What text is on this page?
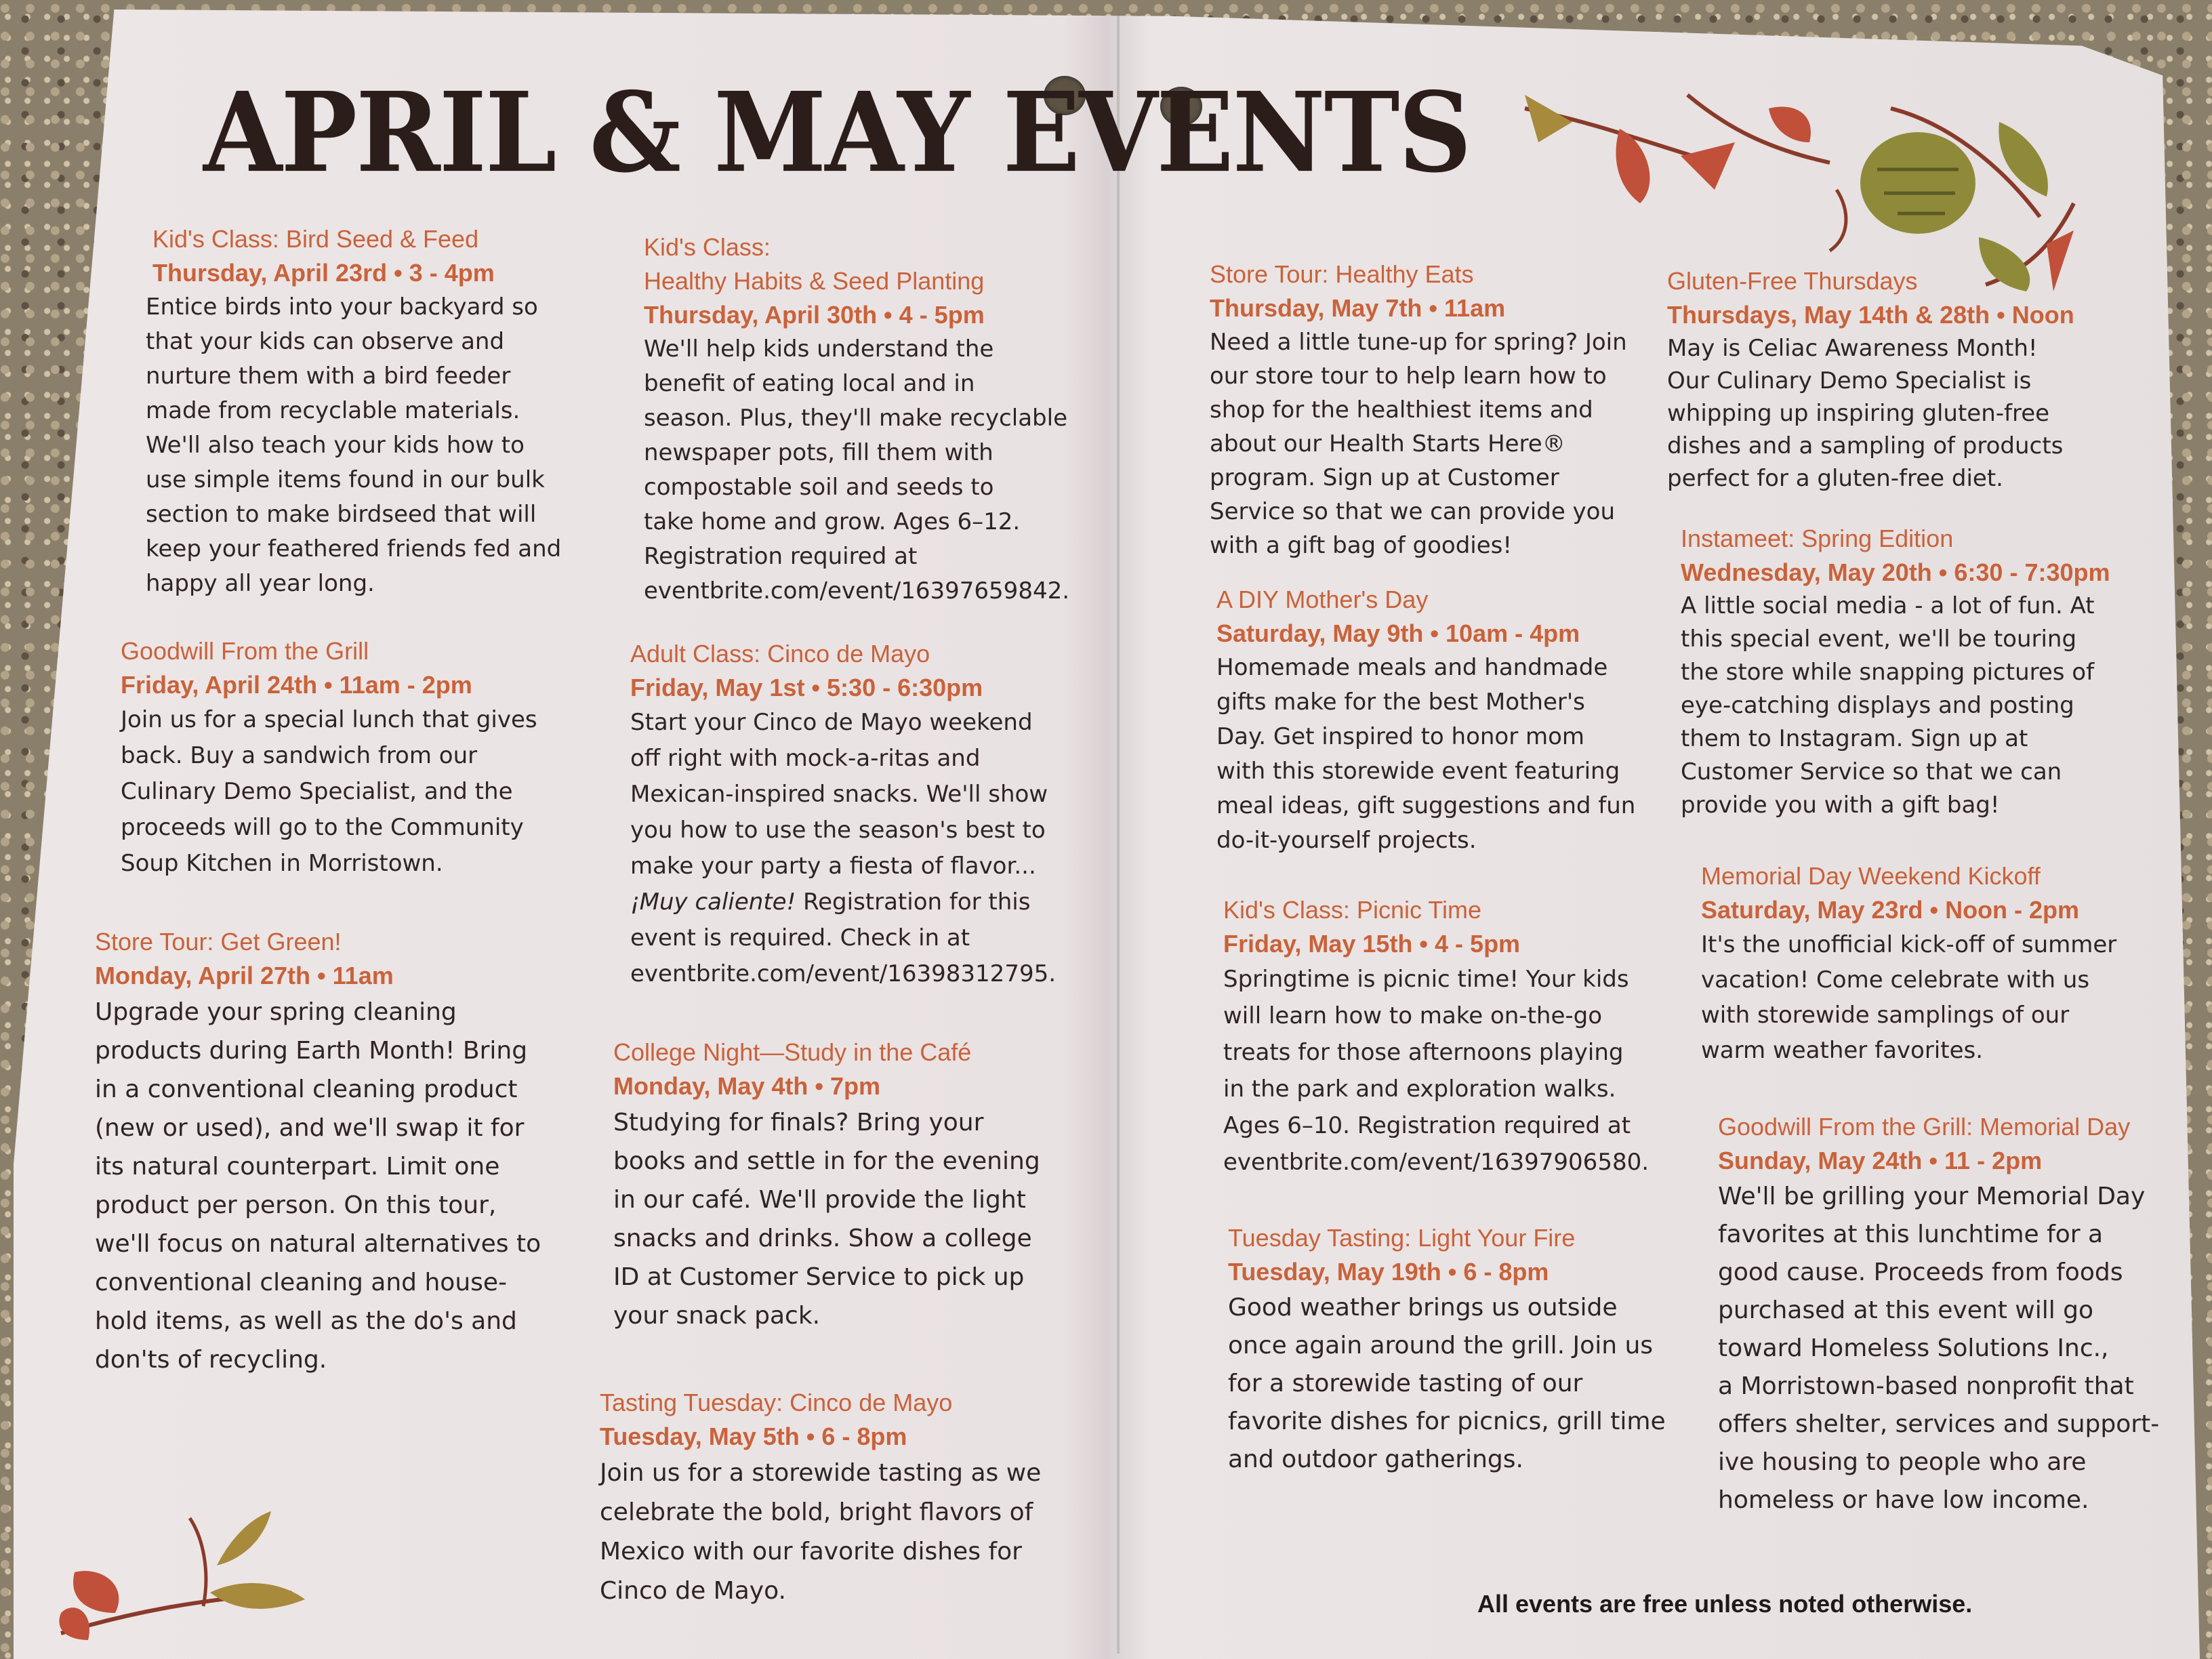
APRIL & MAY EVENTS

Kid's Class: Bird Seed & Feed

Thursday, April 23rd • 3 - 4pm

Entice birds into your backyard so
that your kids can observe and
nurture them with a bird feeder
made from recyclable materials.
We'll also teach your kids how to
use simple items found in our bulk
section to make birdseed that will
keep your feathered friends fed and
happy all year long.

Goodwill From the Grill

Friday, April 24th • 11am - 2pm

Join us for a special lunch that gives
back. Buy a sandwich from our
Culinary Demo Specialist, and the
proceeds will go to the Community
Soup Kitchen in Morristown.

Store Tour: Get Green!

Monday, April 27th • 11am

Upgrade your spring cleaning
products during Earth Month! Bring
in a conventional cleaning product
(new or used), and we'll swap it for
its natural counterpart. Limit one
product per person. On this tour,
we'll focus on natural alternatives to
conventional cleaning and house-
hold items, as well as the do's and
don'ts of recycling.

Kid's Class:
Healthy Habits & Seed Planting

Thursday, April 30th • 4 - 5pm

We'll help kids understand the
benefit of eating local and in
season. Plus, they'll make recyclable
newspaper pots, fill them with
compostable soil and seeds to
take home and grow. Ages 6–12.
Registration required at
eventbrite.com/event/16397659842.

Adult Class: Cinco de Mayo

Friday, May 1st • 5:30 - 6:30pm

Start your Cinco de Mayo weekend
off right with mock-a-ritas and
Mexican-inspired snacks. We'll show
you how to use the season's best to
make your party a fiesta of flavor...
¡Muy caliente! Registration for this
event is required. Check in at
eventbrite.com/event/16398312795.

College Night—Study in the Café

Monday, May 4th • 7pm

Studying for finals? Bring your
books and settle in for the evening
in our café. We'll provide the light
snacks and drinks. Show a college
ID at Customer Service to pick up
your snack pack.

Tasting Tuesday: Cinco de Mayo

Tuesday, May 5th • 6 - 8pm

Join us for a storewide tasting as we
celebrate the bold, bright flavors of
Mexico with our favorite dishes for
Cinco de Mayo.

Store Tour: Healthy Eats

Thursday, May 7th • 11am

Need a little tune-up for spring? Join
our store tour to help learn how to
shop for the healthiest items and
about our Health Starts Here®
program. Sign up at Customer
Service so that we can provide you
with a gift bag of goodies!

A DIY Mother's Day

Saturday, May 9th • 10am - 4pm

Homemade meals and handmade
gifts make for the best Mother's
Day. Get inspired to honor mom
with this storewide event featuring
meal ideas, gift suggestions and fun
do-it-yourself projects.

Kid's Class: Picnic Time

Friday, May 15th • 4 - 5pm

Springtime is picnic time! Your kids
will learn how to make on-the-go
treats for those afternoons playing
in the park and exploration walks.
Ages 6–10. Registration required at
eventbrite.com/event/16397906580.

Tuesday Tasting: Light Your Fire

Tuesday, May 19th • 6 - 8pm

Good weather brings us outside
once again around the grill. Join us
for a storewide tasting of our
favorite dishes for picnics, grill time
and outdoor gatherings.

Gluten-Free Thursdays

Thursdays, May 14th & 28th • Noon

May is Celiac Awareness Month!
Our Culinary Demo Specialist is
whipping up inspiring gluten-free
dishes and a sampling of products
perfect for a gluten-free diet.

Instameet: Spring Edition

Wednesday, May 20th • 6:30 - 7:30pm

A little social media - a lot of fun. At
this special event, we'll be touring
the store while snapping pictures of
eye-catching displays and posting
them to Instagram. Sign up at
Customer Service so that we can
provide you with a gift bag!

Memorial Day Weekend Kickoff

Saturday, May 23rd • Noon - 2pm

It's the unofficial kick-off of summer
vacation! Come celebrate with us
with storewide samplings of our
warm weather favorites.

Goodwill From the Grill: Memorial Day

Sunday, May 24th • 11 - 2pm

We'll be grilling your Memorial Day
favorites at this lunchtime for a
good cause. Proceeds from foods
purchased at this event will go
toward Homeless Solutions Inc.,
a Morristown-based nonprofit that
offers shelter, services and support-
ive housing to people who are
homeless or have low income.

All events are free unless noted otherwise.
